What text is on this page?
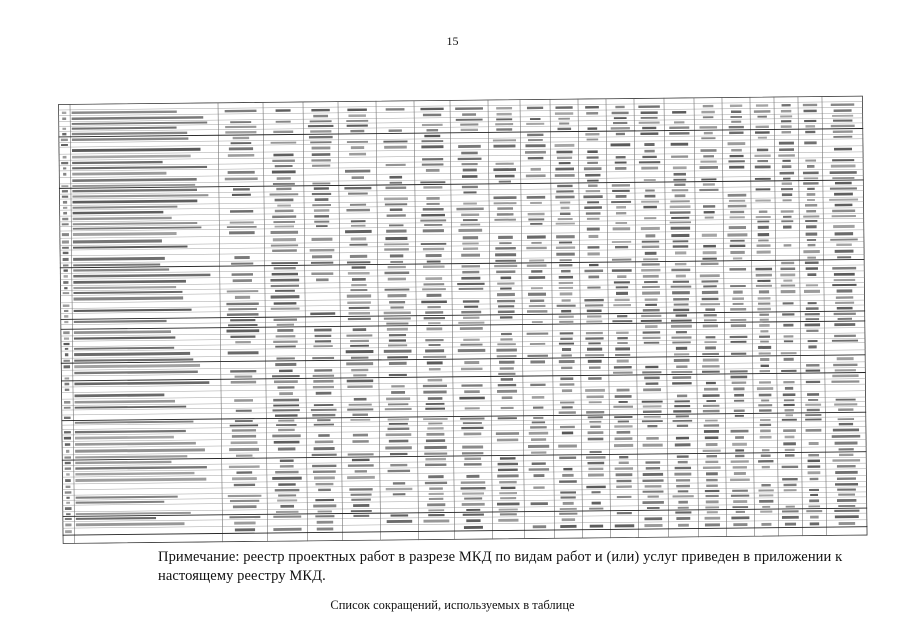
15
Примечание: реестр проектных работ в разрезе МКД по видам работ и (или) услуг приведен в приложении к настоящему реестру МКД.
Список сокращений, используемых в таблице
